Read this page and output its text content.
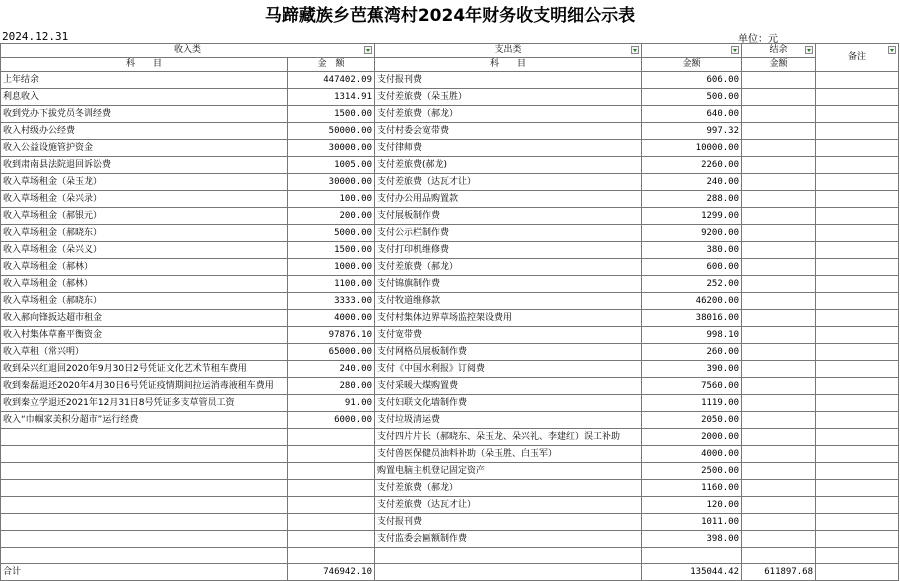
马蹄藏族乡芭蕉湾村2024年财务收支明细公示表
2024.12.31	单位：元
收入类		支出类		结余	备注

科　　目	金　额	科　　目	金额	金额	
上年结余	447402.09	支付报刊费	606.00		
利息收入	1314.91	支付差旅费（朵玉胜）	500.00		
收到党办下拔党员冬训经费	1500.00	支付差旅费（郝龙）	640.00		
收入村级办公经费	50000.00	支付村委会宽带费	997.32		
收入公益设施管护资金	30000.00	支付律师费	10000.00		
收到肃南县法院退回诉讼费	1005.00	支付差旅费(郝龙)	2260.00		
收入草场租金（朵玉龙）	30000.00	支付差旅费（达瓦才让）	240.00		
收入草场租金（朵兴录）	100.00	支付办公用品购置款	288.00		
收入草场租金（郝银元）	200.00	支付展板制作费	1299.00		
收入草场租金（郝晓东）	5000.00	支付公示栏制作费	9200.00		
收入草场租金（朵兴义）	1500.00	支付打印机维修费	380.00		
收入草场租金（郝林）	1000.00	支付差旅费（郝龙）	600.00		
收入草场租金（郝林）	1100.00	支付锦旗制作费	252.00		
收入草场租金（郝晓东）	3333.00	支付牧道维修款	46200.00		
收入郝向锋扳达超市租金	4000.00	支付村集体边界草场监控架设费用	38016.00		
收入村集体草畜平衡资金	97876.10	支付宽带费	998.10		
收入草租（常兴明）	65000.00	支付网格员展板制作费	260.00		
收到朵兴红退回2020年9月30日2号凭证文化艺术节租车费用	240.00	支付《中国水利报》订阅费	390.00		
收到秦磊退还2020年4月30日6号凭证疫情期间拉运消毒液租车费用	280.00	支付采暖大煤购置费	7560.00		
收到秦立学退还2021年12月31日8号凭证多支草管员工资	91.00	支付妇联文化墙制作费	1119.00		
收入“巾帼家美积分超市”运行经费	6000.00	支付垃圾清运费	2050.00		
		支付四片片长（郝晓东、朵玉龙、朵兴礼、李建红）误工补助	2000.00		
		支付兽医保健员油料补助（朵玉胜、白玉军）	4000.00		
		购置电脑主机登记固定资产	2500.00		
		支付差旅费（郝龙）	1160.00		
		支付差旅费（达瓦才让）	120.00		
		支付报刊费	1011.00		
		支付监委会匾额制作费	398.00		

合计	746942.10		135044.42	611897.68	
